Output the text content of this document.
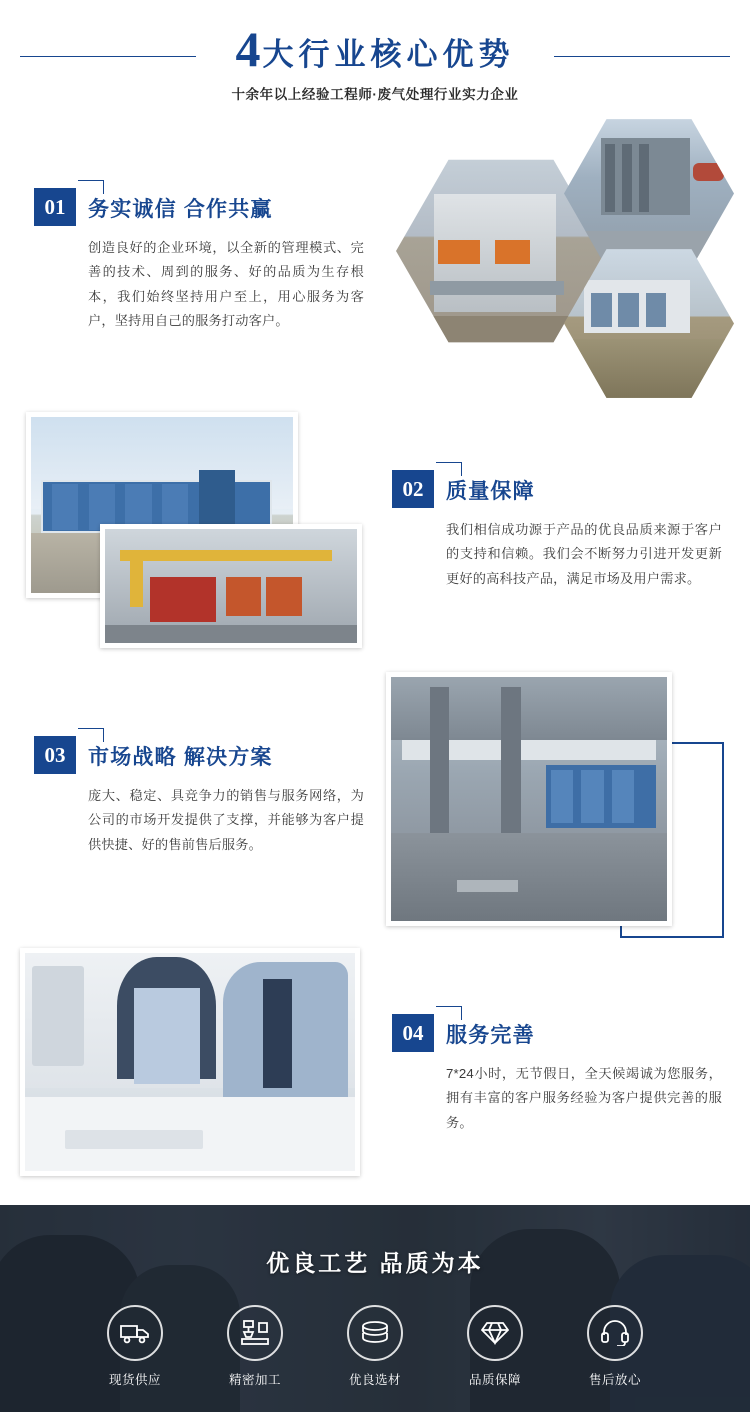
4 大行业核心优势
十余年以上经验工程师·废气处理行业实力企业
01	务实诚信 合作共赢
创造良好的企业环境，以全新的管理模式、完善的技术、周到的服务、好的品质为生存根本，我们始终坚持用户至上，用心服务为客户，坚持用自己的服务打动客户。
02	质量保障
我们相信成功源于产品的优良品质来源于客户的支持和信赖。我们会不断努力引进开发更新更好的高科技产品，满足市场及用户需求。
03	市场战略 解决方案
庞大、稳定、具竞争力的销售与服务网络，为公司的市场开发提供了支撑，并能够为客户提供快捷、好的售前售后服务。
04	服务完善
7*24小时，无节假日，全天候竭诚为您服务，拥有丰富的客户服务经验为客户提供完善的服务。
优良工艺 品质为本
现货供应	精密加工	优良选材	品质保障	售后放心
